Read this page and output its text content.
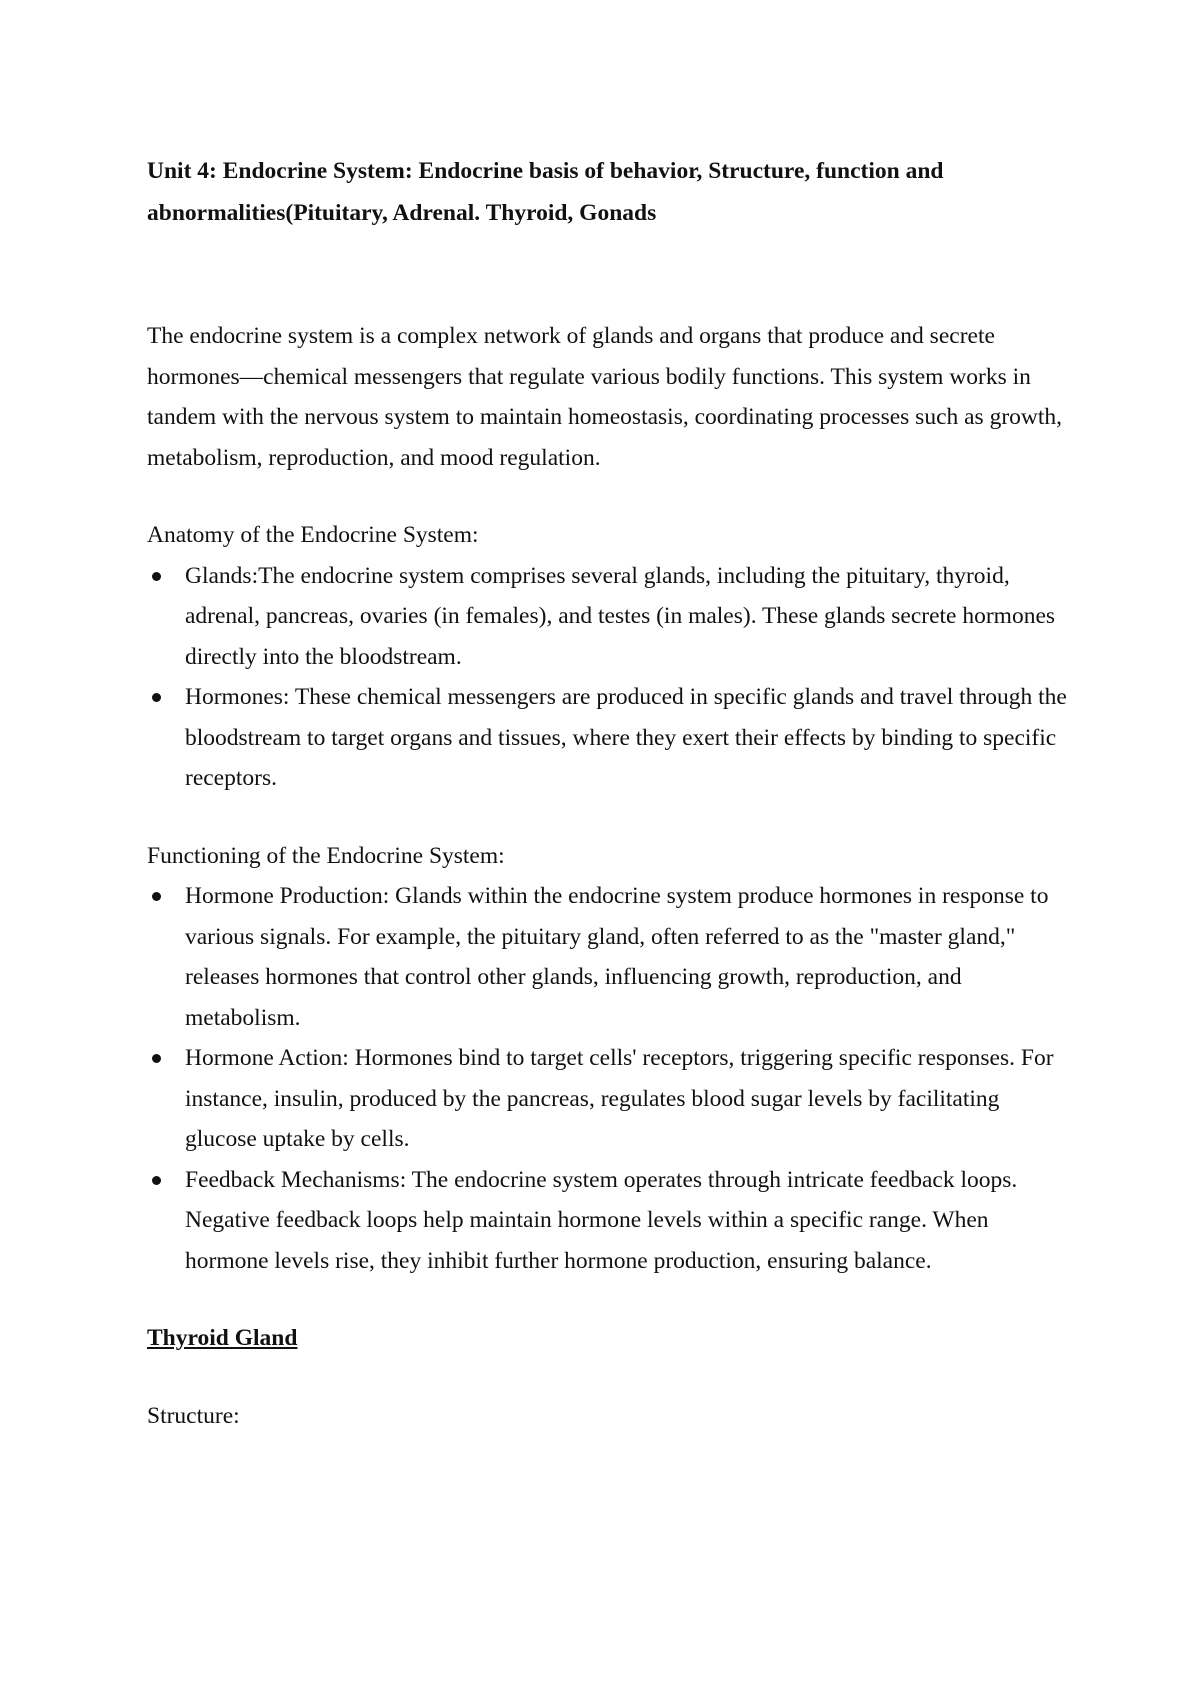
Unit 4: Endocrine System: Endocrine basis of behavior, Structure, function and abnormalities(Pituitary, Adrenal. Thyroid, Gonads

The endocrine system is a complex network of glands and organs that produce and secrete hormones—chemical messengers that regulate various bodily functions. This system works in tandem with the nervous system to maintain homeostasis, coordinating processes such as growth, metabolism, reproduction, and mood regulation.

Anatomy of the Endocrine System:

Glands:The endocrine system comprises several glands, including the pituitary, thyroid, adrenal, pancreas, ovaries (in females), and testes (in males). These glands secrete hormones directly into the bloodstream.
Hormones: These chemical messengers are produced in specific glands and travel through the bloodstream to target organs and tissues, where they exert their effects by binding to specific receptors.

Functioning of the Endocrine System:

Hormone Production: Glands within the endocrine system produce hormones in response to various signals. For example, the pituitary gland, often referred to as the "master gland," releases hormones that control other glands, influencing growth, reproduction, and metabolism.
Hormone Action: Hormones bind to target cells' receptors, triggering specific responses. For instance, insulin, produced by the pancreas, regulates blood sugar levels by facilitating glucose uptake by cells.
Feedback Mechanisms: The endocrine system operates through intricate feedback loops. Negative feedback loops help maintain hormone levels within a specific range. When hormone levels rise, they inhibit further hormone production, ensuring balance.

Thyroid Gland

Structure:
